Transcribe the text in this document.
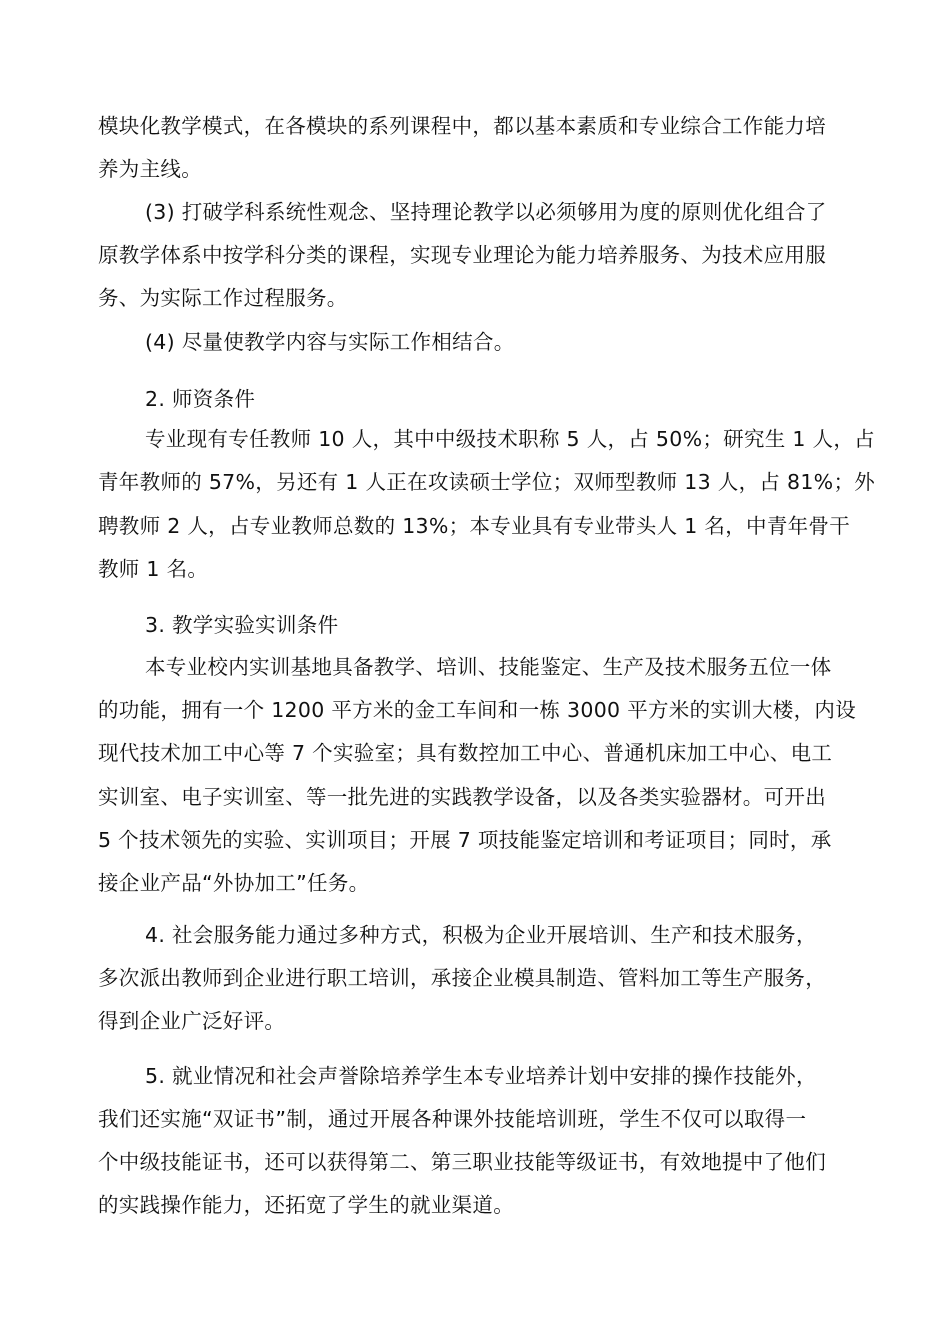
模块化教学模式，在各模块的系列课程中，都以基本素质和专业综合工作能力培
养为主线。
(3) 打破学科系统性观念、坚持理论教学以必须够用为度的原则优化组合了
原教学体系中按学科分类的课程，实现专业理论为能力培养服务、为技术应用服
务、为实际工作过程服务。
(4) 尽量使教学内容与实际工作相结合。
2. 师资条件
专业现有专任教师 10 人，其中中级技术职称 5 人，占 50%；研究生 1 人，占
青年教师的 57%，另还有 1 人正在攻读硕士学位；双师型教师 13 人，占 81%；外
聘教师 2 人，占专业教师总数的 13%；本专业具有专业带头人 1 名，中青年骨干
教师 1 名。
3. 教学实验实训条件
本专业校内实训基地具备教学、培训、技能鉴定、生产及技术服务五位一体
的功能，拥有一个 1200 平方米的金工车间和一栋 3000 平方米的实训大楼，内设
现代技术加工中心等 7 个实验室；具有数控加工中心、普通机床加工中心、电工
实训室、电子实训室、等一批先进的实践教学设备，以及各类实验器材。可开出
5 个技术领先的实验、实训项目；开展 7 项技能鉴定培训和考证项目；同时，承
接企业产品“外协加工”任务。
4. 社会服务能力通过多种方式，积极为企业开展培训、生产和技术服务，
多次派出教师到企业进行职工培训，承接企业模具制造、管料加工等生产服务，
得到企业广泛好评。
5. 就业情况和社会声誉除培养学生本专业培养计划中安排的操作技能外，
我们还实施“双证书”制，通过开展各种课外技能培训班，学生不仅可以取得一
个中级技能证书，还可以获得第二、第三职业技能等级证书，有效地提中了他们
的实践操作能力，还拓宽了学生的就业渠道。
